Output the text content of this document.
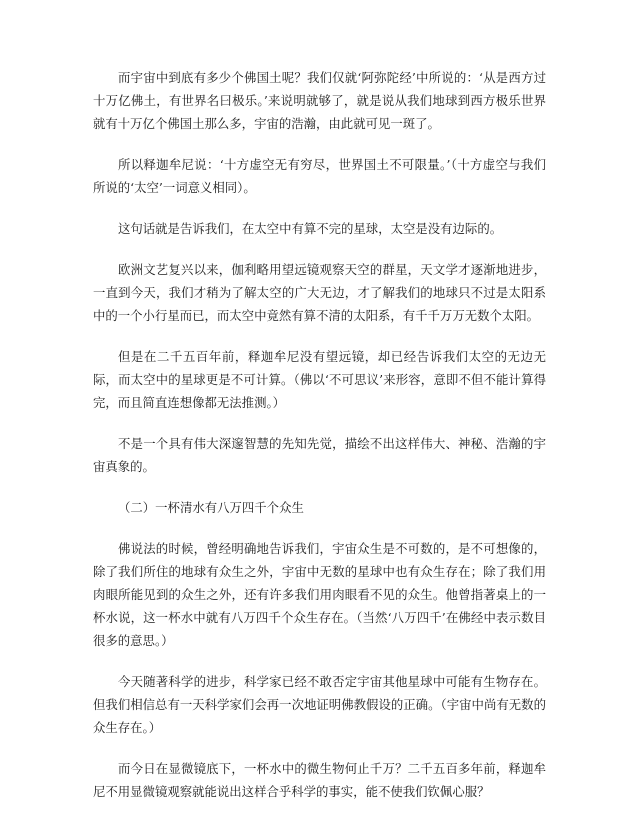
而宇宙中到底有多少个佛国土呢？我们仅就‘阿弥陀经’中所说的：‘从是西方过十万亿佛土，有世界名曰极乐。’来说明就够了，就是说从我们地球到西方极乐世界就有十万亿个佛国土那么多，宇宙的浩瀚，由此就可见一斑了。

所以释迦牟尼说：‘十方虚空无有穷尽，世界国土不可限量。’（十方虚空与我们所说的‘太空’一词意义相同）。

这句话就是告诉我们，在太空中有算不完的星球，太空是没有边际的。

欧洲文艺复兴以来，伽利略用望远镜观察天空的群星，天文学才逐渐地进步，一直到今天，我们才稍为了解太空的广大无边，才了解我们的地球只不过是太阳系中的一个小行星而已，而太空中竟然有算不清的太阳系，有千千万万无数个太阳。

但是在二千五百年前，释迦牟尼没有望远镜，却已经告诉我们太空的无边无际，而太空中的星球更是不可计算。（佛以‘不可思议’来形容，意即不但不能计算得完，而且简直连想像都无法推测。）

不是一个具有伟大深邃智慧的先知先觉，描绘不出这样伟大、神秘、浩瀚的宇宙真象的。

（二）一杯清水有八万四千个众生

佛说法的时候，曾经明确地告诉我们，宇宙众生是不可数的，是不可想像的，除了我们所住的地球有众生之外，宇宙中无数的星球中也有众生存在；除了我们用肉眼所能见到的众生之外，还有许多我们用肉眼看不见的众生。他曾指著桌上的一杯水说，这一杯水中就有八万四千个众生存在。（当然‘八万四千’在佛经中表示数目很多的意思。）

今天随著科学的进步，科学家已经不敢否定宇宙其他星球中可能有生物存在。但我们相信总有一天科学家们会再一次地证明佛教假设的正确。（宇宙中尚有无数的众生存在。）

而今日在显微镜底下，一杯水中的微生物何止千万？二千五百多年前，释迦牟尼不用显微镜观察就能说出这样合乎科学的事实，能不使我们钦佩心服？
